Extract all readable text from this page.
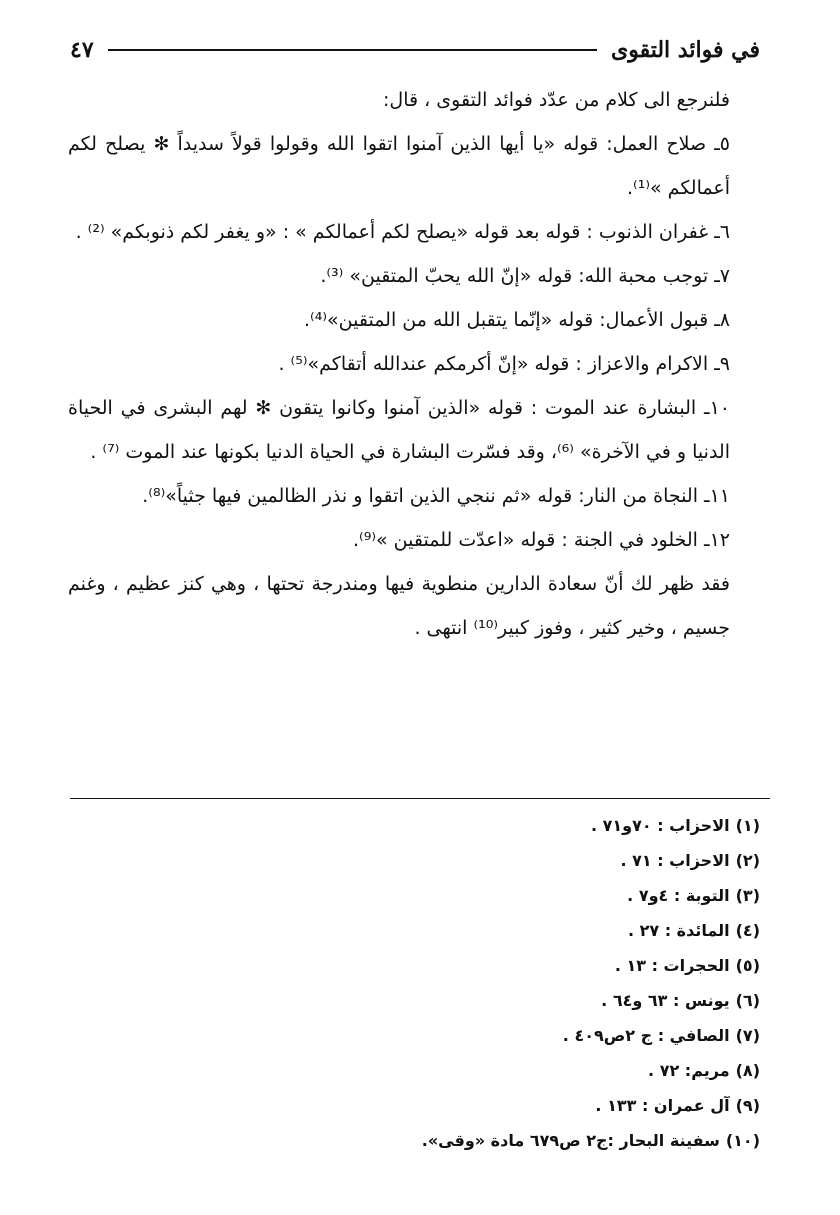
في فوائد التقوى
٤٧

فلنرجع الى كلام من عدّد فوائد التقوى ، قال:

٥ـ صلاح العمل: قوله «يا أيها الذين آمنوا اتقوا الله وقولوا قولاً سديداً ✻ يصلح لكم أعمالكم »⁽¹⁾.

٦ـ غفران الذنوب : قوله بعد قوله «يصلح لكم أعمالكم » : «و يغفر لكم ذنوبكم» ⁽²⁾ .

٧ـ توجب محبة الله: قوله «إنّ الله يحبّ المتقين» ⁽³⁾.

٨ـ قبول الأعمال: قوله «إنّما يتقبل الله من المتقين»⁽⁴⁾.

٩ـ الاكرام والاعزاز : قوله «إنّ أكرمكم عندالله أتقاكم»⁽⁵⁾ .

١٠ـ البشارة عند الموت : قوله «الذين آمنوا وكانوا يتقون ✻ لهم البشرى في الحياة الدنيا و في الآخرة» ⁽⁶⁾، وقد فسّرت البشارة في الحياة الدنيا بكونها عند الموت ⁽⁷⁾ .

١١ـ النجاة من النار: قوله «ثم ننجي الذين اتقوا و نذر الظالمين فيها جثياً»⁽⁸⁾.

١٢ـ الخلود في الجنة : قوله «اعدّت للمتقين »⁽⁹⁾.

فقد ظهر لك أنّ سعادة الدارين منطوية فيها ومندرجة تحتها ، وهي كنز عظيم ، وغنم جسيم ، وخير كثير ، وفوز كبير⁽¹⁰⁾ انتهى .

(١)الاحزاب : ٧٠و٧١ .

(٢)الاحزاب : ٧١ .

(٣)التوبة : ٤و٧ .

(٤)المائدة : ٢٧ .

(٥)الحجرات : ١٣ .

(٦)يونس : ٦٣ و٦٤ .

(٧)الصافي : ج ٢ص٤٠٩ .

(٨)مريم: ٧٢ .

(٩)آل عمران : ١٣٣ .

(١٠)سفينة البحار :ج٢ ص٦٧٩ مادة «وقى».
